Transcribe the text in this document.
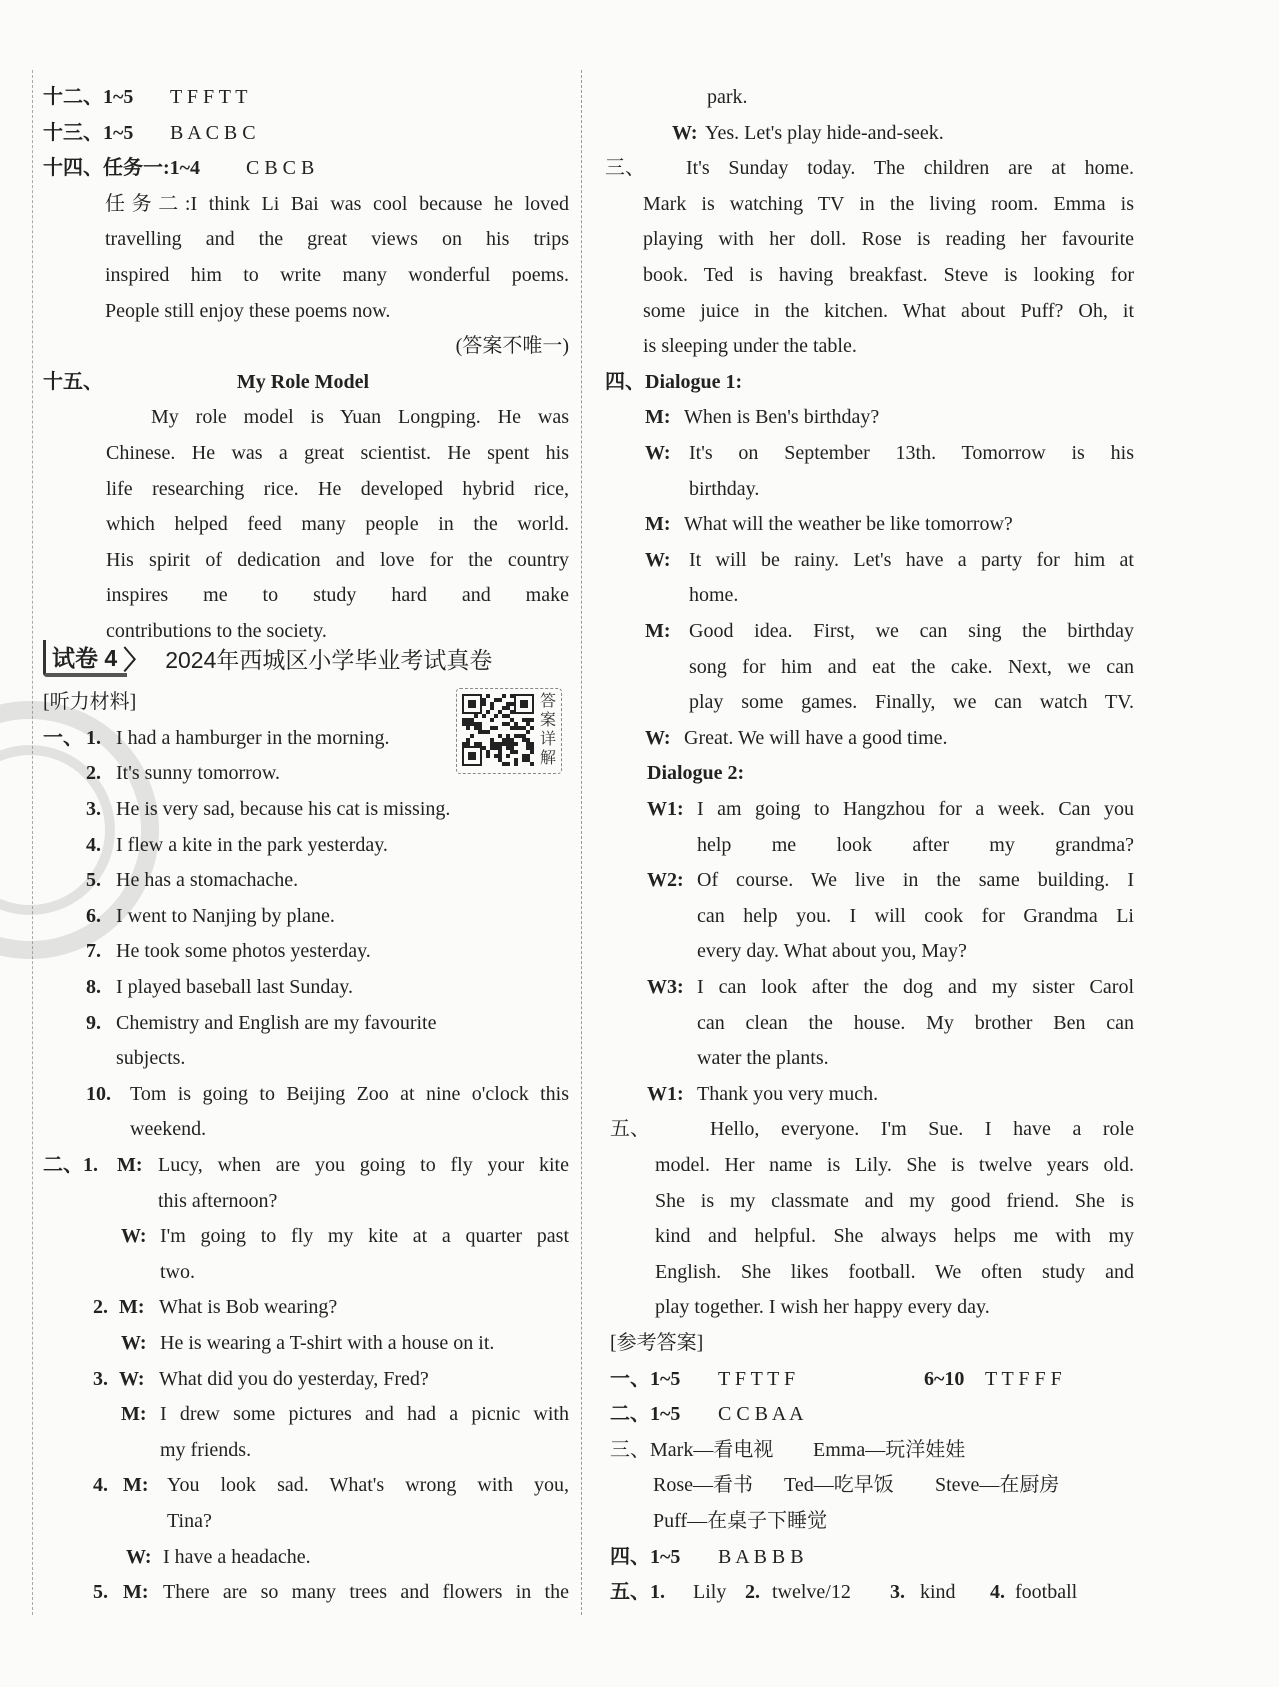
十二、1~5 T F F T T
十三、1~5 B A C B C
十四、任务一:1~4 C B C B
任务二:I think Li Bai was cool because he loved
travelling and the great views on his trips
inspired him to write many wonderful poems.
People still enjoy these poems now.
(答案不唯一)
十五、	My Role Model
My role model is Yuan Longping. He was
Chinese. He was a great scientist. He spent his
life researching rice. He developed hybrid rice,
which helped feed many people in the world.
His spirit of dedication and love for the country
inspires me to study hard and make
contributions to the society.
[听力材料]
一、 1. I had a hamburger in the morning.
2. It's sunny tomorrow.
3. He is very sad, because his cat is missing.
4. I flew a kite in the park yesterday.
5. He has a stomachache.
6. I went to Nanjing by plane.
7. He took some photos yesterday.
8. I played baseball last Sunday.
9. Chemistry and English are my favourite
subjects.
10. Tom is going to Beijing Zoo at nine o'clock this
weekend.
二、1. M: Lucy, when are you going to fly your kite
this afternoon?
W: I'm going to fly my kite at a quarter past
two.
2. M: What is Bob wearing?
W: He is wearing a T-shirt with a house on it.
3. W: What did you do yesterday, Fred?
M: I drew some pictures and had a picnic with
my friends.
4. M: You look sad. What's wrong with you,
Tina?
W: I have a headache.
5. M: There are so many trees and flowers in the
park.
W: Yes. Let's play hide-and-seek.
三、 It's Sunday today. The children are at home.
Mark is watching TV in the living room. Emma is
playing with her doll. Rose is reading her favourite
book. Ted is having breakfast. Steve is looking for
some juice in the kitchen. What about Puff? Oh, it
is sleeping under the table.
四、Dialogue 1:
M: When is Ben's birthday?
W: It's on September 13th. Tomorrow is his
birthday.
M: What will the weather be like tomorrow?
W: It will be rainy. Let's have a party for him at
home.
M: Good idea. First, we can sing the birthday
song for him and eat the cake. Next, we can
play some games. Finally, we can watch TV.
W: Great. We will have a good time.
Dialogue 2:
W1: I am going to Hangzhou for a week. Can you
help me look after my grandma?
W2: Of course. We live in the same building. I
can help you. I will cook for Grandma Li
every day. What about you, May?
W3: I can look after the dog and my sister Carol
can clean the house. My brother Ben can
water the plants.
W1: Thank you very much.
五、	Hello, everyone. I'm Sue. I have a role
model. Her name is Lily. She is twelve years old.
She is my classmate and my good friend. She is
kind and helpful. She always helps me with my
English. She likes football. We often study and
play together. I wish her happy every day.
[参考答案]
一、1~5 T F T T F	6~10 T T F F F
二、1~5 C C B A A
三、Mark—看电视 Emma—玩洋娃娃
Rose—看书 Ted—吃早饭 Steve—在厨房
Puff—在桌子下睡觉
四、1~5 B A B B B
五、1. Lily 2. twelve/12 3. kind 4. football
试卷 4 〉 2024年西城区小学毕业考试真卷
答
案
详
解
